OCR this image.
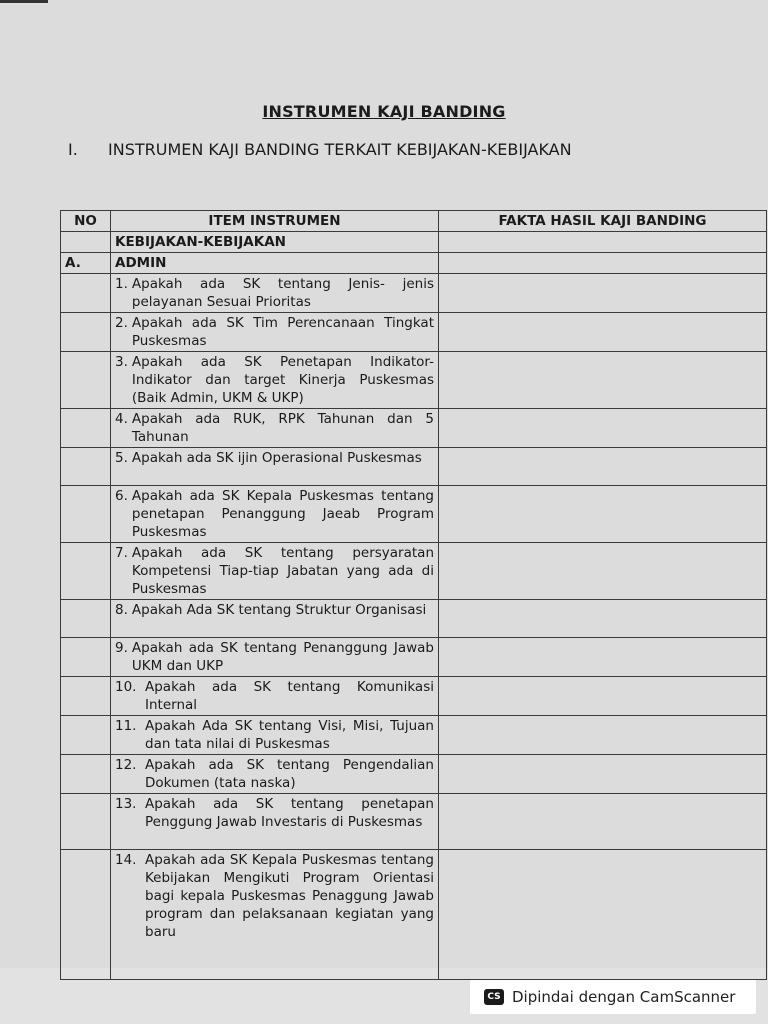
INSTRUMEN KAJI BANDING
I. INSTRUMEN KAJI BANDING TERKAIT KEBIJAKAN-KEBIJAKAN
NO	ITEM INSTRUMEN	FAKTA HASIL KAJI BANDING
	KEBIJAKAN-KEBIJAKAN	
A.	ADMIN	

	1. Apakah ada SK tentang Jenis- jenis pelayanan Sesuai Prioritas	

	2. Apakah ada SK Tim Perencanaan Tingkat Puskesmas	

	3. Apakah ada SK Penetapan Indikator-Indikator dan target Kinerja Puskesmas (Baik Admin, UKM & UKP)	

	4. Apakah ada RUK, RPK Tahunan dan 5 Tahunan	

	5. Apakah ada SK ijin Operasional Puskesmas	

	6. Apakah ada SK Kepala Puskesmas tentang penetapan Penanggung Jaeab Program Puskesmas	

	7. Apakah ada SK tentang persyaratan Kompetensi Tiap-tiap Jabatan yang ada di Puskesmas	

	8. Apakah Ada SK tentang Struktur Organisasi	

	9. Apakah ada SK tentang Penanggung Jawab UKM dan UKP	

	10. Apakah ada SK tentang Komunikasi Internal	

	11. Apakah Ada SK tentang Visi, Misi, Tujuan dan tata nilai di Puskesmas	

	12. Apakah ada SK tentang Pengendalian Dokumen (tata naska)	

	13. Apakah ada SK tentang penetapan Penggung Jawab Investaris di Puskesmas	

	14. Apakah ada SK Kepala Puskesmas tentang Kebijakan Mengikuti Program Orientasi bagi kepala Puskesmas Penaggung Jawab program dan pelaksanaan kegiatan yang baru	

CS Dipindai dengan CamScanner
